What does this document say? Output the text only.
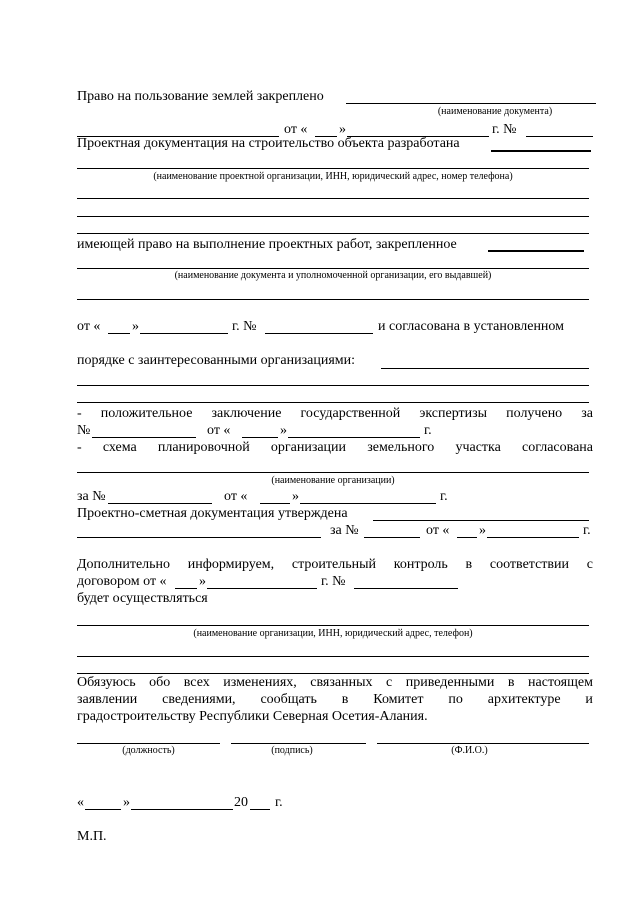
Право на пользование землей закреплено
(наименование документа)
от « »	г. №
Проектная документация на строительство объекта разработана
(наименование проектной организации, ИНН, юридический адрес, номер телефона)
имеющей право на выполнение проектных работ, закрепленное
(наименование документа и уполномоченной организации, его выдавшей)
от « »	г. №	и согласована в установленном
порядке с заинтересованными организациями:
- положительное заключение государственной экспертизы получено за
№	от «	»	г.
- схема планировочной организации земельного участка согласована
(наименование организации)
за №	от «	»	г.
Проектно-сметная документация утверждена
за №	от « »	г.
Дополнительно информируем, строительный контроль в соответствии с
договором от « »	г. №
будет осуществляться
(наименование организации, ИНН, юридический адрес, телефон)
Обязуюсь обо всех изменениях, связанных с приведенными в настоящем
заявлении сведениями, сообщать в Комитет по архитектуре и
градостроительству Республики Северная Осетия-Алания.
(должность)	(подпись)	(Ф.И.О.)
«	»	20 г.
М.П.
